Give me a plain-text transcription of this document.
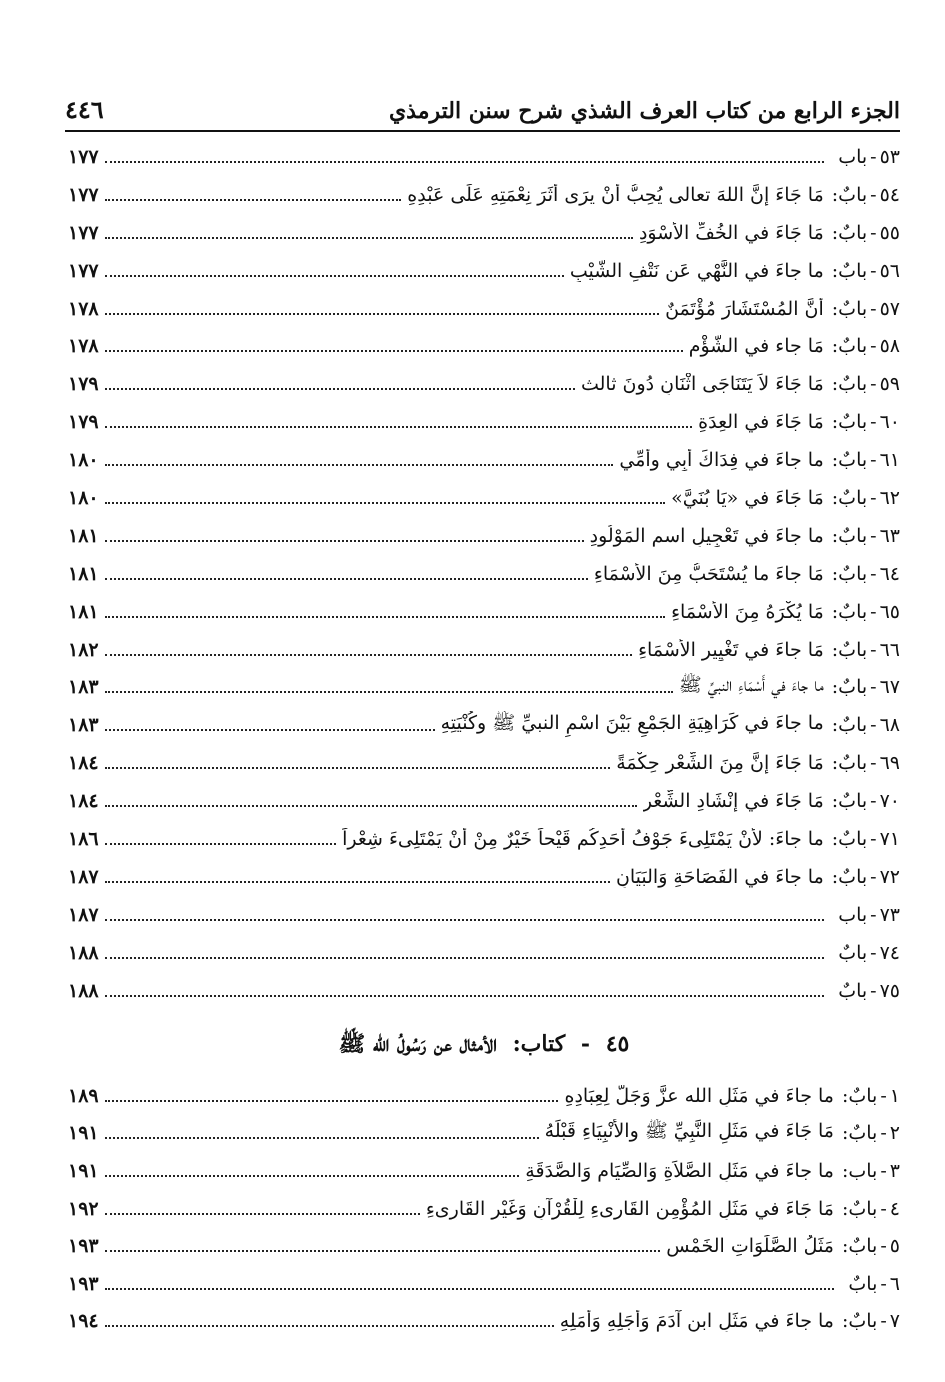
الجزء الرابع من كتاب العرف الشذي شرح سنن الترمذي
٤٤٦
٥٣
-
باب
١٧٧
٥٤
-
بابٌ:
مَا جَاءَ إِنَّ اللهَ تعالى يُحِبُّ أَنْ يرَى أَثَرَ نِعْمَتِهِ عَلَى عَبْدِهِ
١٧٧
٥٥
-
بابٌ:
مَا جَاءَ في الخُفِّ الأَسْوَدِ
١٧٧
٥٦
-
بابٌ:
ما جاءَ في النَّهْيِ عَنِ نَتْفِ الشَّيْبِ
١٧٧
٥٧
-
بابٌ:
أَنَّ المُسْتَشَارَ مُؤْتَمَنٌ
١٧٨
٥٨
-
بابٌ:
مَا جاء في الشُّؤْمِ
١٧٨
٥٩
-
بابٌ:
مَا جَاءَ لاَ يَتَنَاجَى اثْنَانِ دُونَ ثالث
١٧٩
٦٠
-
بابٌ:
مَا جَاءَ في العِدَةِ
١٧٩
٦١
-
بابٌ:
ما جاءَ في فِدَاكَ أَبِي وأُمِّي
١٨٠
٦٢
-
بابٌ:
مَا جَاءَ في «يَا بُنَيَّ»
١٨٠
٦٣
-
بابٌ:
ما جاءَ في تَعْجِيلِ اسمِ المَوْلُودِ
١٨١
٦٤
-
بابٌ:
مَا جاءَ ما يُسْتَحَبُّ مِنَ الأَسْمَاءِ
١٨١
٦٥
-
بابٌ:
مَا يُكْرَهُ مِنَ الأَسْمَاءِ
١٨١
٦٦
-
بابٌ:
مَا جاءَ في تَغْيِيرِ الأَسْمَاءِ
١٨٢
٦٧
-
بابٌ:
ما جاءَ في أَسْمَاءِ النبيِّ ﷺ
١٨٣
٦٨
-
بابٌ:
ما جاءَ في كَرَاهِيَةِ الجَمْعِ بَيْنَ اسْمِ النبيِّ ﷺ وكُنْيَتِهِ
١٨٣
٦٩
-
بابٌ:
مَا جَاءَ إِنَّ مِنَ الشِّعْرِ حِكْمَةً
١٨٤
٧٠
-
بابٌ:
مَا جَاءَ في إِنْشَادِ الشِّعْرِ
١٨٤
٧١
-
بابٌ:
ما جاءَ: لأَنْ يَمْتَلِىءَ جَوْفُ أَحَدِكُم قَيْحاً خَيْرٌ مِنْ أَنْ يَمْتَلِىءَ شِعْراً
١٨٦
٧٢
-
بابٌ:
ما جاءَ في الفَصَاحَةِ وَالبَيَانِ
١٨٧
٧٣
-
باب
١٨٧
٧٤
-
بابٌ
١٨٨
٧٥
-
بابٌ
١٨٨
٤٥ - كتاب: الأمثال عن رَسُولُ الله ﷺ
١
-
بابٌ:
ما جاءَ في مَثَلِ الله عزَّ وَجَلَّ لِعِبَادِهِ
١٨٩
٢
-
بابٌ:
مَا جَاءَ في مَثَلِ النَّبِيِّ ﷺ والأَنْبِيَاءِ قَبْلَهُ
١٩١
٣
-
باب:
ما جاءَ في مَثَلِ الصَّلاَةِ وَالصِّيَامِ وَالصَّدَقَةِ
١٩١
٤
-
بابٌ:
مَا جَاءَ في مَثَلِ المُؤْمِنِ القَارِىءِ لِلْقُرْآنِ وَغَيْرِ القَارِىءِ
١٩٢
٥
-
بابٌ:
مَثَلُ الصَّلَوَاتِ الخَمْسِ
١٩٣
٦
-
بابٌ
١٩٣
٧
-
بابٌ:
ما جاءَ في مَثَلِ ابنِ آدَمَ وَأَجَلِهِ وَأَمَلِهِ
١٩٤
